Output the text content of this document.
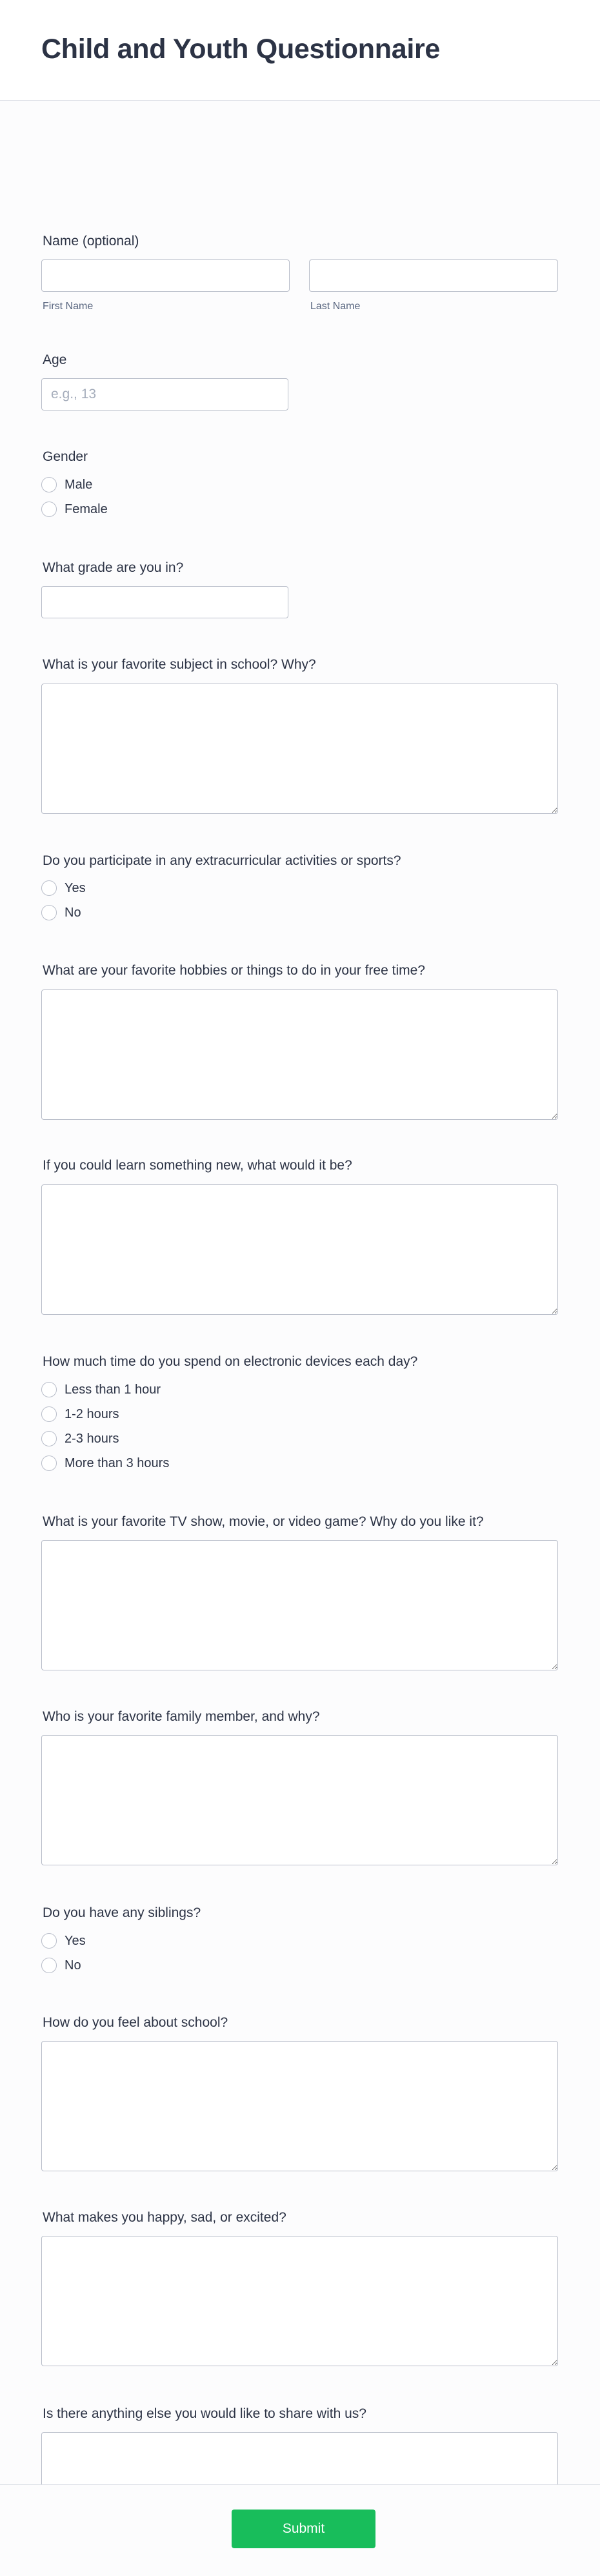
Child and Youth Questionnaire
Name (optional)
First Name	Last Name
Age
e.g., 13
Gender
Male
Female
What grade are you in?
What is your favorite subject in school? Why?
Do you participate in any extracurricular activities or sports?
Yes
No
What are your favorite hobbies or things to do in your free time?
If you could learn something new, what would it be?
How much time do you spend on electronic devices each day?
Less than 1 hour
1-2 hours
2-3 hours
More than 3 hours
What is your favorite TV show, movie, or video game? Why do you like it?
Who is your favorite family member, and why?
Do you have any siblings?
Yes
No
How do you feel about school?
What makes you happy, sad, or excited?
Is there anything else you would like to share with us?
Submit
